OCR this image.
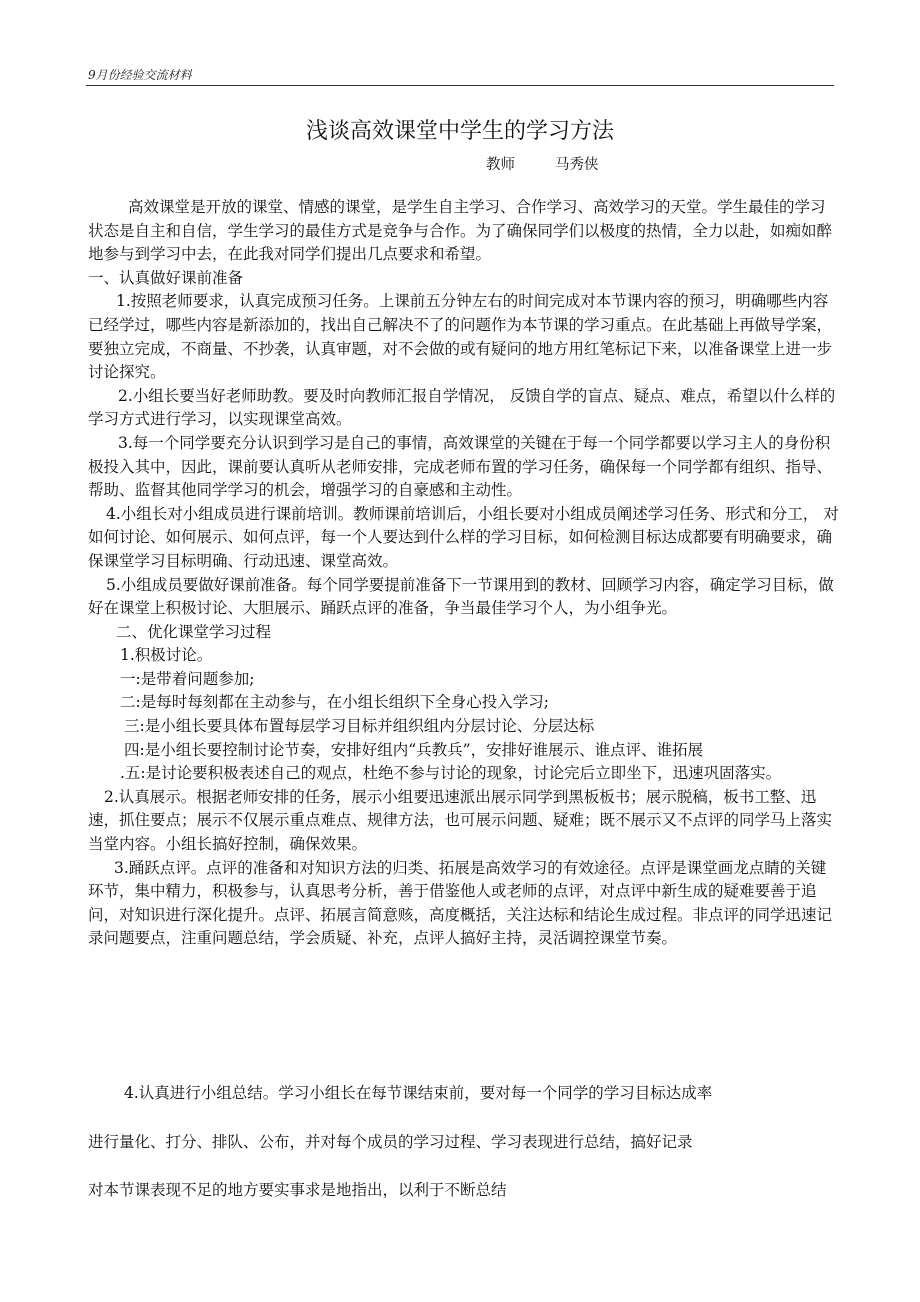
9月份经验交流材料
浅谈高效课堂中学生的学习方法
教师	马秀侠

高效课堂是开放的课堂、情感的课堂，是学生自主学习、合作学习、高效学习的天堂。学生最佳的学习状态是自主和自信，学生学习的最佳方式是竞争与合作。为了确保同学们以极度的热情，全力以赴，如痴如醉地参与到学习中去，在此我对同学们提出几点要求和希望。

一、认真做好课前准备

1.按照老师要求，认真完成预习任务。上课前五分钟左右的时间完成对本节课内容的预习，明确哪些内容已经学过，哪些内容是新添加的，找出自己解决不了的问题作为本节课的学习重点。在此基础上再做导学案，要独立完成，不商量、不抄袭，认真审题，对不会做的或有疑问的地方用红笔标记下来，以准备课堂上进一步讨论探究。

2.小组长要当好老师助教。要及时向教师汇报自学情况， 反馈自学的盲点、疑点、难点，希望以什么样的学习方式进行学习，以实现课堂高效。

3.每一个同学要充分认识到学习是自己的事情，高效课堂的关键在于每一个同学都要以学习主人的身份积极投入其中，因此，课前要认真听从老师安排，完成老师布置的学习任务，确保每一个同学都有组织、指导、帮助、监督其他同学学习的机会，增强学习的自豪感和主动性。

4.小组长对小组成员进行课前培训。教师课前培训后，小组长要对小组成员阐述学习任务、形式和分工， 对如何讨论、如何展示、如何点评，每一个人要达到什么样的学习目标，如何检测目标达成都要有明确要求，确保课堂学习目标明确、行动迅速、课堂高效。

5.小组成员要做好课前准备。每个同学要提前准备下一节课用到的教材、回顾学习内容，确定学习目标，做好在课堂上积极讨论、大胆展示、踊跃点评的准备，争当最佳学习个人，为小组争光。

二、优化课堂学习过程

1.积极讨论。

一:是带着问题参加;

二:是每时每刻都在主动参与，在小组长组织下全身心投入学习;

三:是小组长要具体布置每层学习目标并组织组内分层讨论、分层达标

四:是小组长要控制讨论节奏，安排好组内“兵教兵”，安排好谁展示、谁点评、谁拓展

.五:是讨论要积极表述自己的观点，杜绝不参与讨论的现象，讨论完后立即坐下，迅速巩固落实。

2.认真展示。根据老师安排的任务，展示小组要迅速派出展示同学到黑板板书；展示脱稿，板书工整、迅速，抓住要点；展示不仅展示重点难点、规律方法，也可展示问题、疑难；既不展示又不点评的同学马上落实当堂内容。小组长搞好控制，确保效果。

3.踊跃点评。点评的准备和对知识方法的归类、拓展是高效学习的有效途径。点评是课堂画龙点睛的关键环节，集中精力，积极参与，认真思考分析，善于借鉴他人或老师的点评，对点评中新生成的疑难要善于追问，对知识进行深化提升。点评、拓展言简意赅，高度概括，关注达标和结论生成过程。非点评的同学迅速记录问题要点，注重问题总结，学会质疑、补充，点评人搞好主持，灵活调控课堂节奏。

4.认真进行小组总结。学习小组长在每节课结束前，要对每一个同学的学习目标达成率
进行量化、打分、排队、公布，并对每个成员的学习过程、学习表现进行总结，搞好记录
对本节课表现不足的地方要实事求是地指出，以利于不断总结
